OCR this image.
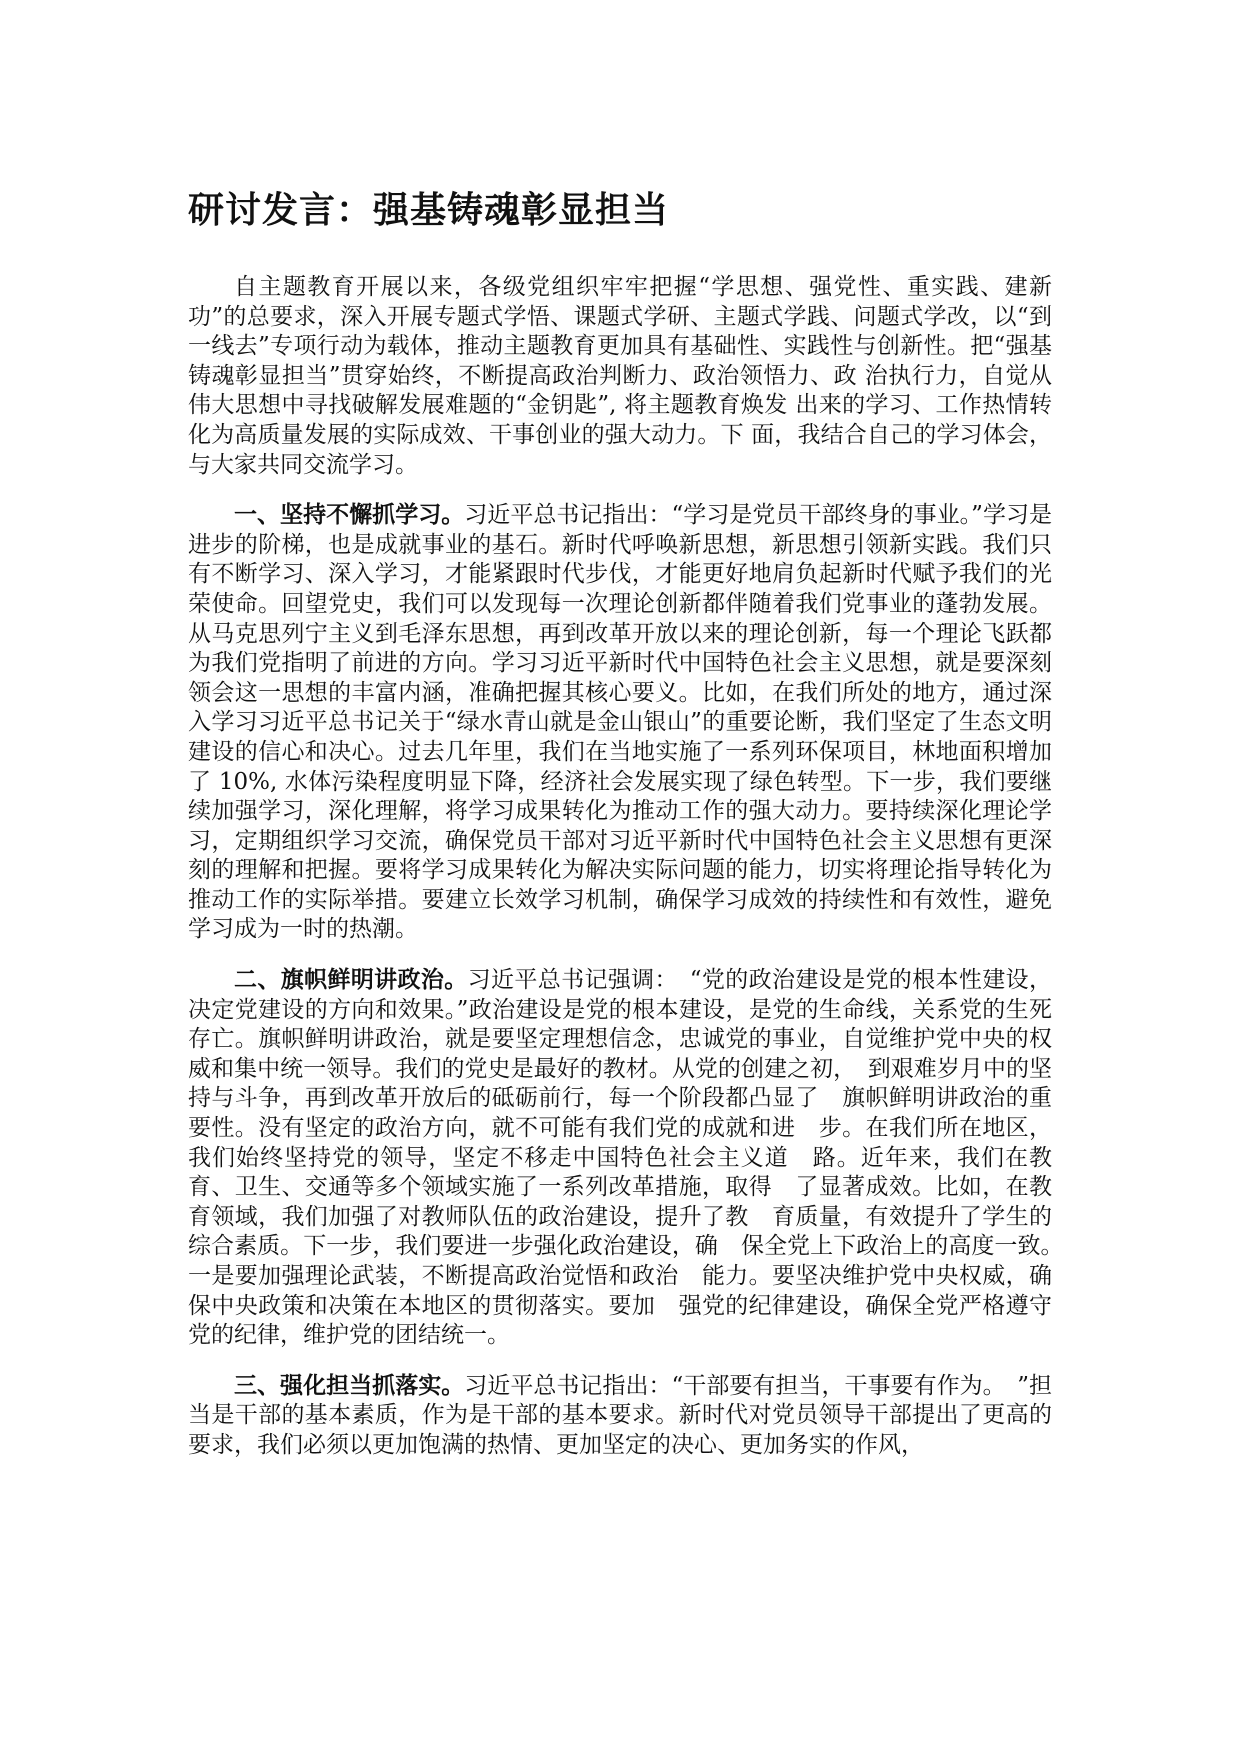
研讨发言：强基铸魂彰显担当

自主题教育开展以来，各级党组织牢牢把握“学思想、强党性、重实践、建新功”的总要求，深入开展专题式学悟、课题式学研、主题式学践、问题式学改，以“到一线去”专项行动为载体，推动主题教育更加具有基础性、实践性与创新性。把“强基铸魂彰显担当”贯穿始终，不断提高政治判断力、政治领悟力、政 治执行力，自觉从伟大思想中寻找破解发展难题的“金钥匙”, 将主题教育焕发 出来的学习、工作热情转化为高质量发展的实际成效、干事创业的强大动力。下 面，我结合自己的学习体会，与大家共同交流学习。

一、坚持不懈抓学习。习近平总书记指出：“学习是党员干部终身的事业。”学习是进步的阶梯，也是成就事业的基石。新时代呼唤新思想，新思想引领新实践。我们只有不断学习、深入学习，才能紧跟时代步伐，才能更好地肩负起新时代赋予我们的光荣使命。回望党史，我们可以发现每一次理论创新都伴随着我们党事业的蓬勃发展。从马克思列宁主义到毛泽东思想，再到改革开放以来的理论创新，每一个理论飞跃都为我们党指明了前进的方向。学习习近平新时代中国特色社会主义思想，就是要深刻领会这一思想的丰富内涵，准确把握其核心要义。比如，在我们所处的地方，通过深入学习习近平总书记关于“绿水青山就是金山银山”的重要论断，我们坚定了生态文明建设的信心和决心。过去几年里，我们在当地实施了一系列环保项目，林地面积增加了 10%, 水体污染程度明显下降，经济社会发展实现了绿色转型。下一步，我们要继续加强学习，深化理解，将学习成果转化为推动工作的强大动力。要持续深化理论学习，定期组织学习交流，确保党员干部对习近平新时代中国特色社会主义思想有更深刻的理解和把握。要将学习成果转化为解决实际问题的能力，切实将理论指导转化为推动工作的实际举措。要建立长效学习机制，确保学习成效的持续性和有效性，避免学习成为一时的热潮。

二、旗帜鲜明讲政治。习近平总书记强调：　“党的政治建设是党的根本性建设，决定党建设的方向和效果。”政治建设是党的根本建设，是党的生命线，关系党的生死存亡。旗帜鲜明讲政治，就是要坚定理想信念，忠诚党的事业，自觉维护党中央的权威和集中统一领导。我们的党史是最好的教材。从党的创建之初，　到艰难岁月中的坚持与斗争，再到改革开放后的砥砺前行，每一个阶段都凸显了　旗帜鲜明讲政治的重要性。没有坚定的政治方向，就不可能有我们党的成就和进　步。在我们所在地区，我们始终坚持党的领导，坚定不移走中国特色社会主义道　路。近年来，我们在教育、卫生、交通等多个领域实施了一系列改革措施，取得　了显著成效。比如，在教育领域，我们加强了对教师队伍的政治建设，提升了教　育质量，有效提升了学生的综合素质。下一步，我们要进一步强化政治建设，确　保全党上下政治上的高度一致。　一是要加强理论武装，不断提高政治觉悟和政治　能力。要坚决维护党中央权威，确保中央政策和决策在本地区的贯彻落实。要加　强党的纪律建设，确保全党严格遵守党的纪律，维护党的团结统一。

三、强化担当抓落实。习近平总书记指出：“干部要有担当，干事要有作为。　”担当是干部的基本素质，作为是干部的基本要求。新时代对党员领导干部提出了更高的要求，我们必须以更加饱满的热情、更加坚定的决心、更加务实的作风，
